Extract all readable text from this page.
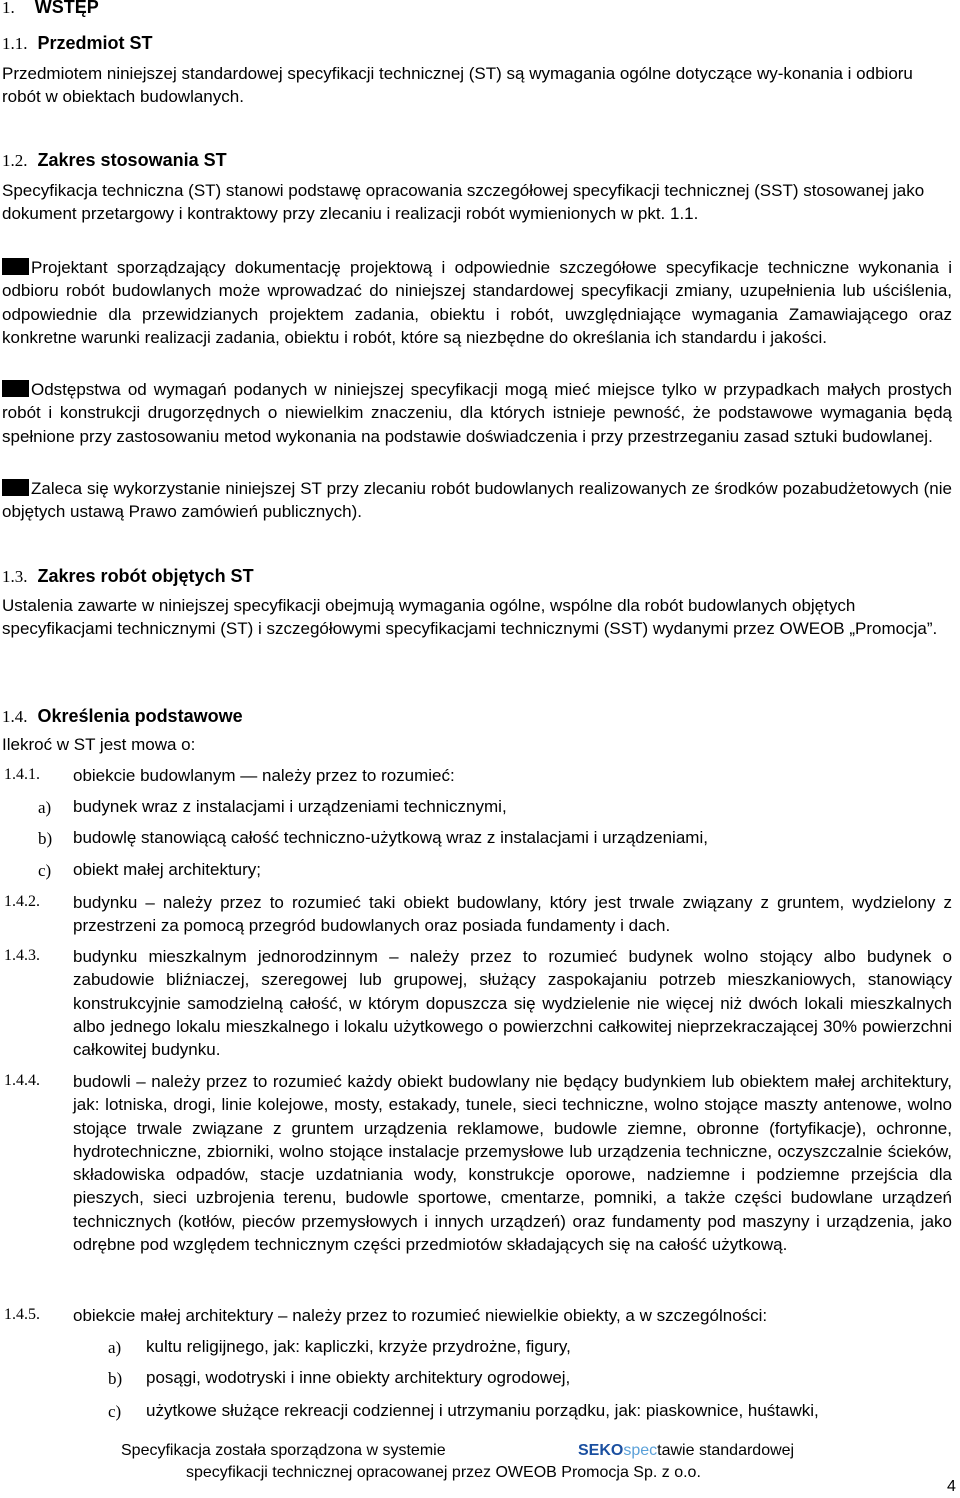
1. WSTĘP
1.1. Przedmiot ST
Przedmiotem niniejszej standardowej specyfikacji technicznej (ST) są wymagania ogólne dotyczące wy-konania i odbioru robót w obiektach budowlanych.
1.2. Zakres stosowania ST
Specyfikacja techniczna (ST) stanowi podstawę opracowania szczegółowej specyfikacji technicznej (SST) stosowanej jako dokument przetargowy i kontraktowy przy zlecaniu i realizacji robót wymienionych w pkt. 1.1.
Projektant sporządzający dokumentację projektową i odpowiednie szczegółowe specyfikacje techniczne wykonania i odbioru robót budowlanych może wprowadzać do niniejszej standardowej specyfikacji zmiany, uzupełnienia lub uściślenia, odpowiednie dla przewidzianych projektem zadania, obiektu i robót, uwzględniające wymagania Zamawiającego oraz konkretne warunki realizacji zadania, obiektu i robót, które są niezbędne do określania ich standardu i jakości.
Odstępstwa od wymagań podanych w niniejszej specyfikacji mogą mieć miejsce tylko w przypadkach małych prostych robót i konstrukcji drugorzędnych o niewielkim znaczeniu, dla których istnieje pewność, że podstawowe wymagania będą spełnione przy zastosowaniu metod wykonania na podstawie doświadczenia i przy przestrzeganiu zasad sztuki budowlanej.
Zaleca się wykorzystanie niniejszej ST przy zlecaniu robót budowlanych realizowanych ze środków pozabudżetowych (nie objętych ustawą Prawo zamówień publicznych).
1.3. Zakres robót objętych ST
Ustalenia zawarte w niniejszej specyfikacji obejmują wymagania ogólne, wspólne dla robót budowlanych objętych specyfikacjami technicznymi (ST) i szczegółowymi specyfikacjami technicznymi (SST) wydanymi przez OWEOB „Promocja”.
1.4. Określenia podstawowe
Ilekroć w ST jest mowa o:
1.4.1. obiekcie budowlanym — należy przez to rozumieć:
a) budynek wraz z instalacjami i urządzeniami technicznymi,
b) budowlę stanowiącą całość techniczno-użytkową wraz z instalacjami i urządzeniami,
c) obiekt małej architektury;
1.4.2. budynku – należy przez to rozumieć taki obiekt budowlany, który jest trwale związany z gruntem, wydzielony z przestrzeni za pomocą przegród budowlanych oraz posiada fundamenty i dach.
1.4.3. budynku mieszkalnym jednorodzinnym – należy przez to rozumieć budynek wolno stojący albo budynek o zabudowie bliźniaczej, szeregowej lub grupowej, służący zaspokajaniu potrzeb mieszkaniowych, stanowiący konstrukcyjnie samodzielną całość, w którym dopuszcza się wydzielenie nie więcej niż dwóch lokali mieszkalnych albo jednego lokalu mieszkalnego i lokalu użytkowego o powierzchni całkowitej nieprzekraczającej 30% powierzchni całkowitej budynku.
1.4.4. budowli – należy przez to rozumieć każdy obiekt budowlany nie będący budynkiem lub obiektem małej architektury, jak: lotniska, drogi, linie kolejowe, mosty, estakady, tunele, sieci techniczne, wolno stojące maszty antenowe, wolno stojące trwale związane z gruntem urządzenia reklamowe, budowle ziemne, obronne (fortyfikacje), ochronne, hydrotechniczne, zbiorniki, wolno stojące instalacje przemysłowe lub urządzenia techniczne, oczyszczalnie ścieków, składowiska odpadów, stacje uzdatniania wody, konstrukcje oporowe, nadziemne i podziemne przejścia dla pieszych, sieci uzbrojenia terenu, budowle sportowe, cmentarze, pomniki, a także części budowlane urządzeń technicznych (kotłów, pieców przemysłowych i innych urządzeń) oraz fundamenty pod maszyny i urządzenia, jako odrębne pod względem technicznym części przedmiotów składających się na całość użytkową.
1.4.5. obiekcie małej architektury – należy przez to rozumieć niewielkie obiekty, a w szczególności:
a) kultu religijnego, jak: kapliczki, krzyże przydrożne, figury,
b) posągi, wodotryski i inne obiekty architektury ogrodowej,
c) użytkowe służące rekreacji codziennej i utrzymaniu porządku, jak: piaskownice, huśtawki,
Specyfikacja została sporządzona w systemie	SEKOspectawie standardowej
specyfikacji technicznej opracowanej przez OWEOB Promocja Sp. z o.o.
4
